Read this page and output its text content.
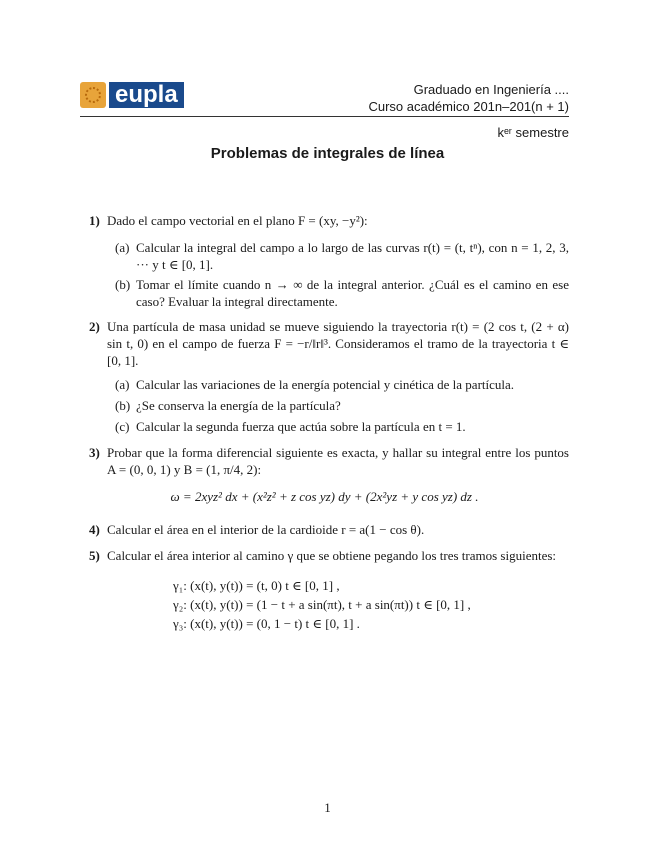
eupla	Graduado en Ingeniería ....
Curso académico 201n–201(n + 1)
kᵉʳ semestre
Problemas de integrales de línea
1) Dado el campo vectorial en el plano F = (xy, −y²):
(a) Calcular la integral del campo a lo largo de las curvas r(t) = (t, tⁿ), con n = 1, 2, 3, ··· y t ∈ [0, 1].
(b) Tomar el límite cuando n → ∞ de la integral anterior. ¿Cuál es el camino en ese caso? Evaluar la integral directamente.
2) Una partícula de masa unidad se mueve siguiendo la trayectoria r(t) = (2 cos t, (2 + α) sin t, 0) en el campo de fuerza F = −r/‖r‖³. Consideramos el tramo de la trayectoria t ∈ [0, 1].
(a) Calcular las variaciones de la energía potencial y cinética de la partícula.
(b) ¿Se conserva la energía de la partícula?
(c) Calcular la segunda fuerza que actúa sobre la partícula en t = 1.
3) Probar que la forma diferencial siguiente es exacta, y hallar su integral entre los puntos A = (0, 0, 1) y B = (1, π/4, 2):
ω = 2xyz² dx + (x²z² + z cos yz) dy + (2x²yz + y cos yz) dz .
4) Calcular el área en el interior de la cardioide r = a(1 − cos θ).
5) Calcular el área interior al camino γ que se obtiene pegando los tres tramos siguientes:
γ₁: (x(t), y(t)) = (t, 0) t ∈ [0, 1] ,
γ₂: (x(t), y(t)) = (1 − t + a sin(πt), t + a sin(πt)) t ∈ [0, 1] ,
γ₃: (x(t), y(t)) = (0, 1 − t) t ∈ [0, 1] .
1
